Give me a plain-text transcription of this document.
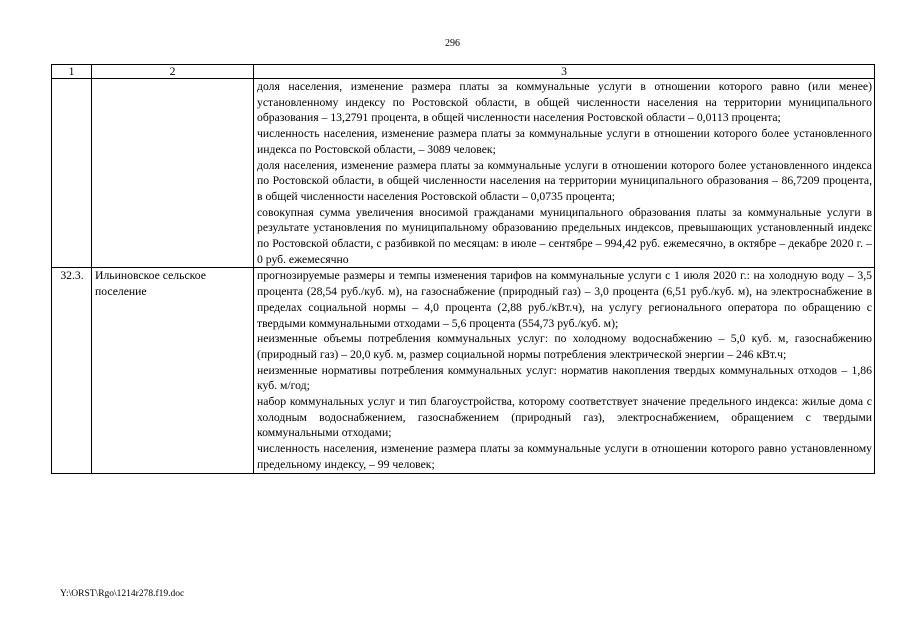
296
1	2	3

		доля населения, изменение размера платы за коммунальные услуги в отношении которого равно (или менее) установленному индексу по Ростовской области, в общей численности населения на территории муниципального образования – 13,2791 процента, в общей численности населения Ростовской области – 0,0113 процента;

численность населения, изменение размера платы за коммунальные услуги в отношении которого более установленного индекса по Ростовской области, – 3089 человек;

доля населения, изменение размера платы за коммунальные услуги в отношении которого более установленного индекса по Ростовской области, в общей численности населения на территории муниципального образования – 86,7209 процента, в общей численности населения Ростовской области – 0,0735 процента;

совокупная сумма увеличения вносимой гражданами муниципального образования платы за коммунальные услуги в результате установления по муниципальному образованию предельных индексов, превышающих установленный индекс по Ростовской области, с разбивкой по месяцам: в июле – сентябре – 994,42 руб. ежемесячно, в октябре – декабре 2020 г. – 0 руб. ежемесячно

32.3.	Ильиновское сельское поселение	прогнозируемые размеры и темпы изменения тарифов на коммунальные услуги с 1 июля 2020 г.: на холодную воду – 3,5 процента (28,54 руб./куб. м), на газоснабжение (природный газ) – 3,0 процента (6,51 руб./куб. м), на электроснабжение в пределах социальной нормы – 4,0 процента (2,88 руб./кВт.ч), на услугу регионального оператора по обращению с твердыми коммунальными отходами – 5,6 процента (554,73 руб./куб. м);

неизменные объемы потребления коммунальных услуг: по холодному водоснабжению – 5,0 куб. м, газоснабжению (природный газ) – 20,0 куб. м, размер социальной нормы потребления электрической энергии – 246 кВт.ч;

неизменные нормативы потребления коммунальных услуг: норматив накопления твердых коммунальных отходов – 1,86 куб. м/год;

набор коммунальных услуг и тип благоустройства, которому соответствует значение предельного индекса: жилые дома с холодным водоснабжением, газоснабжением (природный газ), электроснабжением, обращением с твердыми коммунальными отходами;

численность населения, изменение размера платы за коммунальные услуги в отношении которого равно установленному предельному индексу, – 99 человек;

Y:\ORST\Rgo\1214r278.f19.doc
